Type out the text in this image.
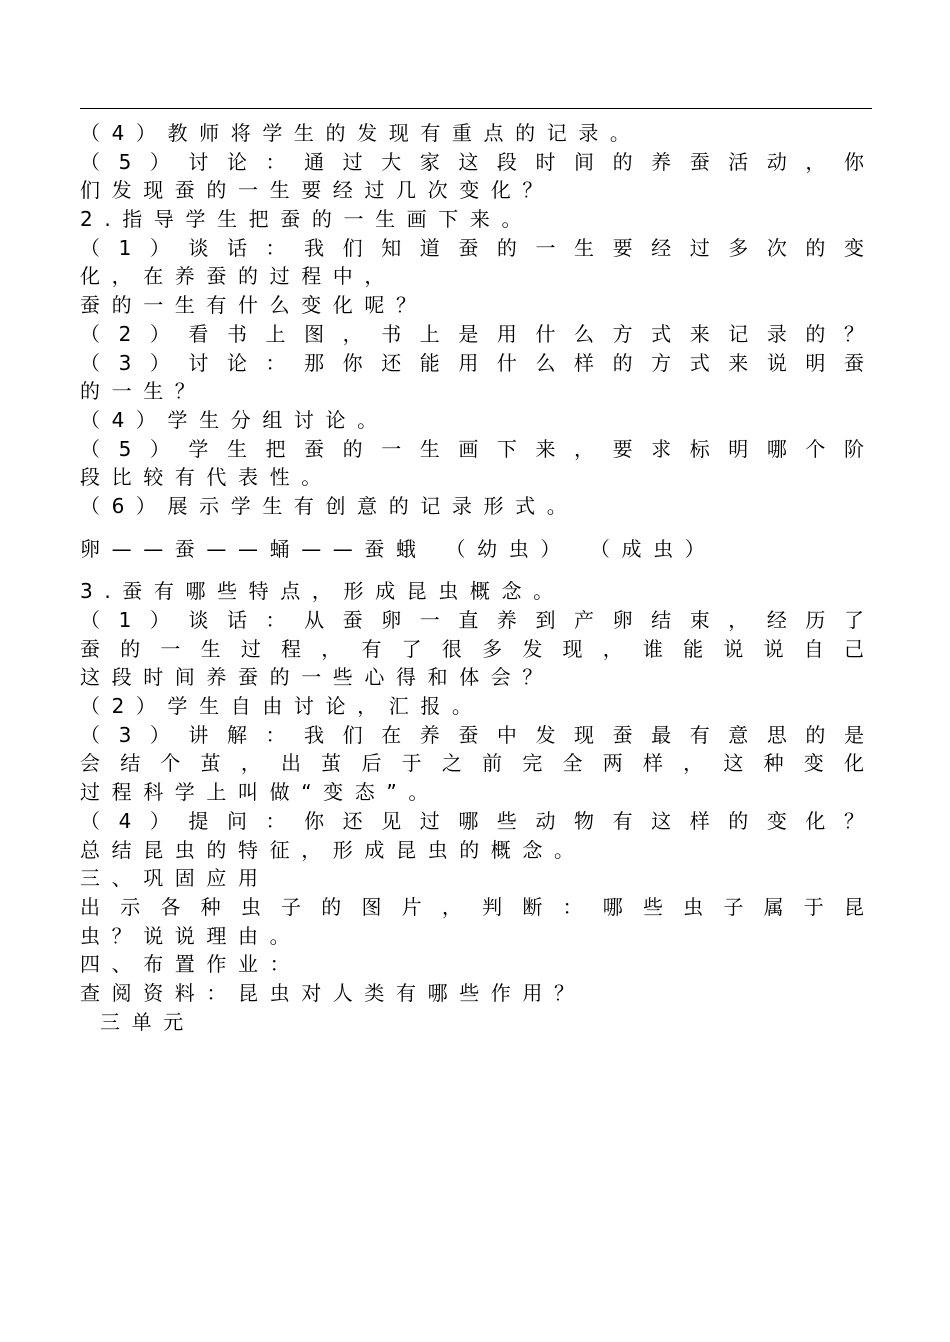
（4）教师将学生的发现有重点的记录。
（5）讨论：通过大家这段时间的养蚕活动，你
们发现蚕的一生要经过几次变化？
2.指导学生把蚕的一生画下来。
（1）谈话：我们知道蚕的一生要经过多次的变
化，在养蚕的过程中，
蚕的一生有什么变化呢？
（2）看书上图，书上是用什么方式来记录的？
（3）讨论：那你还能用什么样的方式来说明蚕
的一生？
（4）学生分组讨论。
（5）学生把蚕的一生画下来，要求标明哪个阶
段比较有代表性。
（6）展示学生有创意的记录形式。
卵——蚕——蛹——蚕蛾 （幼虫） （成虫）
3.蚕有哪些特点，形成昆虫概念。
（1）谈话：从蚕卵一直养到产卵结束，经历了
蚕的一生过程，有了很多发现，谁能说说自己
这段时间养蚕的一些心得和体会？
（2）学生自由讨论，汇报。
（3）讲解：我们在养蚕中发现蚕最有意思的是
会结个茧，出茧后于之前完全两样，这种变化
过程科学上叫做“变态”。
（4）提问：你还见过哪些动物有这样的变化？
总结昆虫的特征，形成昆虫的概念。
三、巩固应用
出示各种虫子的图片，判断：哪些虫子属于昆
虫？说说理由。
四、布置作业：
查阅资料：昆虫对人类有哪些作用？
三单元
